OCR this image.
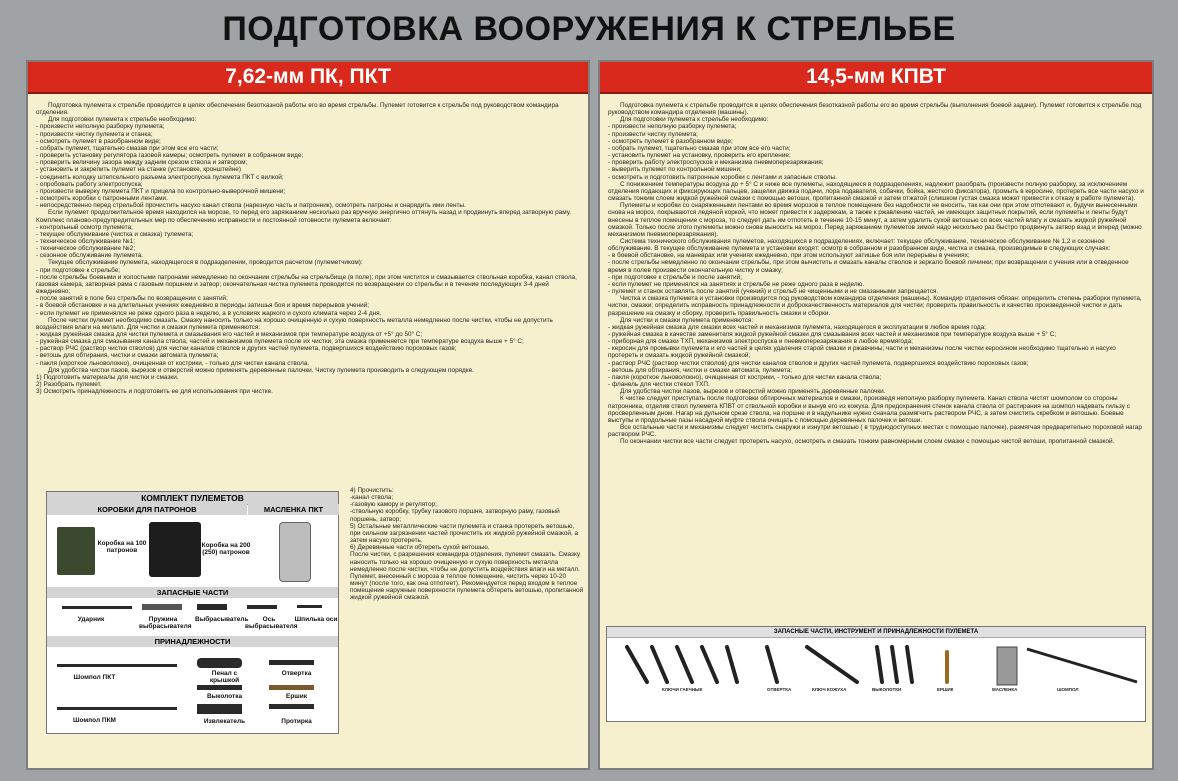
ПОДГОТОВКА ВООРУЖЕНИЯ К СТРЕЛЬБЕ
7,62-мм ПК, ПКТ

Подготовка пулемета к стрельбе проводится в целях обеспечения безотказной работы его во время стрельбы. Пулемет готовится к стрельбе под руководством командира отделения.

Для подготовки пулемета к стрельбе необходимо:

- произвести неполную разборку пулемета;

- произвести чистку пулемета и станка;

- осмотреть пулемет в разобранном виде;

- собрать пулемет, тщательно смазав при этом все его части;

- проверить установку регулятора газовой камеры; осмотреть пулемет в собранном виде;

- проверить величину зазора между задним срезом ствола и затвором;

- установить и закрепить пулемет на станке (установке, кронштейне)

- соединить колодку штепсельного разъема электроспуска пулемета ПКТ с вилкой;

- опробовать работу электроспуска;

- произвести выверку пулемета ПКТ и прицела по контрольно-выверочной мишени;

- осмотреть коробки с патронными лентами.

- непосредственно перед стрельбой прочистить насухо канал ствола (нарезную часть и патронник), осмотреть патроны и снарядить ими ленты.

Если пулемет продолжительное время находился на морозе, то перед его заряжанием несколько раз вручную энергично оттянуть назад и продвинуть вперед затворную раму. Комплекс планово-предупредительных мер по обеспечению исправности и постоянной готовности пулемета включает:

- контрольный осмотр пулемета;

- текущее обслуживание (чистка и смазка) тулемета;

- техническое обслуживание №1;

- техническое обслуживание №2;

- сезонное обслуживание пулемета.

Текущее обслуживание пулемета, находящегося в подразделении, проводится расчетом (пулеметчиком):

- при подготовке к стрельбе;

- после стрельбы боевыми и холостыми патронами немедленно по окончании стрельбы на стрельбище (в поле); при этом чистится и смазывается ствольная коробка, канал ствола, газовая камера, затворная рама с газовым поршнем и затвор; окончательная чистка пулемета проводится по возвращении со стрельбы и в течение последующих 3-4 дней ежедневно;

- после занятий в поле без стрельбы по возвращении с занятий;

- в боевой обстановке и на длительных учениях ежедневно в периоды затишья боя и время перерывов учений;

- если пулемет не применялся не реже одного раза в неделю, а в условиях жаркого и сухого климата через 2-4 дня.

После чистки пулемет необходимо смазать. Смазку наносить только на хорошо очищенную и сухую поверхность металла немедленно после чистки, чтобы не допустить воздействия влаги на металл. Для чистки и смазки пулемета применяются:

- жидкая ружейная смазка для чистки пулемета и смазывания его частей и механизмов при температуре воздуха от +5° до 50° С;

- ружейная смазка для смазывания канала ствола, частей и механизмов пулемета после их чистки; эта смазка применяется при температуре воздуха выше + 5° С;

- раствор РЧС (раствор чистки стволов) для чистки каналов стволов и других частей пулемета, подвергшихся воздействию пороховых газов;

- ветошь для обтирания, чистки и смазки автомата пулемета;

- пакля (короткое льноволокно), очищенная от кострики, - только для чистки канала ствола.

Для удобства чистки пазов, вырезов и отверстий можно применять деревянные палочки. Чистку пулемета производить в следующем порядке.

1) Подготовить материалы для чистки и смазки.

2) Разобрать пулемет.

3) Осмотреть принадлежность и подготовить ее для использования при чистке.

14,5-мм КПВТ

Подготовка пулемета к стрельбе проводится в целях обеспечения безотказной работы его во время стрельбы (выполнения боевой задачи). Пулемет готовится к стрельбе под руководством командира отделения (машины).

Для подготовки пулемета к стрельбе необходимо:

- произвести неполную разборку пулемета;

- произвести чистку пулемета;

- осмотреть пулемет в разобранном виде;

- собрать пулемет, тщательно смазав при этом все его части;

- установить пулемет на установку, проверить его крепление;

- проверить работу электроспусков и механизма пневмоперезаряжания;

- выверить пулемет по контрольной мишени;

- осмотреть и подготовить патронные коробки с лентами и запасные стволы.

С понижением температуры воздуха до + 5° С и ниже все пулеметы, находящиеся в подразделениях, надлежит разобрать (произвести полную разборку, за исключением отделения подающих и фиксирующих пальцев, защелки движка подачи, лора подавателя, собачки, бойка, жесткого фиксатора), промыть в керосине, протереть все части насухо и смазать тонким слоем жидкой ружейной смазки с помощью ветоши, пропитанной смазкой и затем отжатой (слишком густая смазка может привести к отказу в работе пулемета).

Пулеметы и коробки со снаряженными лентами во время морозов в теплое помещение без надобности не вносить, так как они при этом отпотевают и, будучи вынесенными снова на мороз, покрываются ледяной коркой, что может привести к задержкам, а также к ржавлению частей, не имеющих защитных покрытий, если пулеметы и ленты будут внесены в теплое помещение с мороза, то следует дать им отпотеть в течение 10-15 минут, а затем удалить сухой ветошью со всех частей влагу и смазать жидкой ружейной смазкой. Только после этого пулеметы можно снова выносить на мороз. Перед заряжанием пулеметов зимой надо несколько раз быстро продвинуть затвор взад и вперед (можно механизмом пневмоперезаряжания).

Система технического обслуживания пулеметов, находящихся в подразделениях, включает: текущее обслуживание, техническое обслуживание № 1,2 и сезонное обслуживание. В текущее обслуживание пулемета и установки входят: осмотр в собранном и разобранном виде, чистка и смазка, производимые в следующих случаях:

- в боевой обстановке, на маневрах или учениях ежедневно, при этом используют затишье боя или перерывы в учениях;

- после стрельбы немедленно по окончании стрельбы, при этом вычистить и смазать каналы стволов и зеркало боевой личинки; при возвращении с учения или в отведенное время в полев произвести окончательную чистку и смазку;

- при подготовке к стрельбе и после занятий;

- если пулемет не применялся на занятиях и стрельбе не реже одного раза в неделю.

- пулемет и станок оставлять после занятий (учений) и стрельб не чищенными и не смазанными запрещается.

Чистка и смазка пулемета и установки производится под руководством командира отделения (машины). Командир отделения обязан: определить степень разборки пулемета, чистки, смазки; определить исправность принадлежности и доброкачественность материалов для чистки; проверить правильность и качество произведенной чистки и дать разрешение на смазку и сборку, проверить правильность смазки и сборки.

Для чистки и смазки пулемета применяются:

- жидкая ружейная смазка для смазки всех частей и механизмов пулемета, находящегося в эксплуатации в любое время года;

- ружейная смазка в качестве заменителя жидкой ружейной смазки для смазывания всех частей и механизмов при температуре воздуха выше + 5° С;

- приборная для смазки ТХП, механизмов электроспуска и пневмоперезаряжания в любое времягода;

- керосин для промывки пулемета и его частей в целях удаления старой смазки и ржавчины; части и механизмы после чистки керосином необходимо тщательно и насухо протереть и смазать жидкой ружейной смазкой;

- раствор РЧС (раствор чистки стволов) для чистки каналов стволов и других частей пулемета, подвергшихся воздействию пороховых газов;

- ветошь для обтирания, чистки и смазки автомата, пулемета;

- пакля (короткое льноволокно), очищенная от кострики, - только для чистки канала ствола;

- фланель для чистки стекол ТХП.

Для удобства чистки пазов, вырезов и отверстий можно применять деревянные палочки.

К чистке следует приступать после подготовки обтирочных материалов и смазки, произведя неполную разборку пулемета. Канал ствола чистят шомполом со стороны патронника, отделив ствол пулемета КПВТ от ствольной коробки и вынув его из кожуха. Для предохранения стенок канала ствола от растирания на шомпол надевать гильзу с просверленным дном. Нагар на дульном срезе ствола, на поршне и в надульнике нужно сначала размягчить раствором РЧС, а затем счистить скребком и ветошью. Боевые выступы и продольные пазы насадной муфте ствола очищать с помощью деревянных палочек и ветоши.

Все остальные части и механизмы следует чистить снаружи и изнутри ветошью ( в труднодоступных местах с помощью палочек), размягчая предварительно пороховой нагар раствором РЧС.

По окончании чистки все части следует протереть насухо, осмотреть и смазать тонким равномерным слоем смазки с помощью чистой ветоши, пропитанной смазкой.

КОМПЛЕКТ ПУЛЕМЕТОВ
КОРОБКИ ДЛЯ ПАТРОНОВ	МАСЛЕНКА ПКТ
Коробка на 100 патронов
Коробка на 200 (250) патронов
ЗАПАСНЫЕ ЧАСТИ
Ударник	Пружина выбрасывателя
Выбрасыватель	Ось выбрасывателя
Шпилька оси
ПРИНАДЛЕЖНОСТИ
Шомпол ПКТ
Пенал с крышкой
Отвертка
Выколотка	Ершик
Шомпол ПКМ	Извлекатель	Протирка

4) Прочистить:

-канал ствола;

-газовую камору и регулятор;

-ствольную коробку, трубку газового поршня, затворную раму, газовый поршень, затвор;

5) Остальные металлические части пулемета и станка протереть ветошью, при сильном загрязнении частей прочистить их жидкой ружейной смазкой, а затем насухо протереть.

6) Деревянные части обтереть сухой ветошью.

После чистки, с разрешения командира отделения, пулемет смазать. Смазку наносить только на хорошо очищенную и сухую поверхность металла немедленно после чистки, чтобы не допустить воздействия влаги на металл.

Пулемет, внесенный с мороза в теплое помещение, чистить через 10-20 минут (после того, как она отпотеет). Рекомендуется перед входом в теплое помещение наружные поверхности пулемета обтереть ветошью, пропитанной жидкой ружейной смазкой.

ЗАПАСНЫЕ ЧАСТИ, ИНСТРУМЕНТ И ПРИНАДЛЕЖНОСТИ ПУЛЕМЕТА
КЛЮЧИ ГАЕЧНЫЕ	ОТВЕРТКА	КЛЮЧ КОЖУХА	ВЫКОЛОТКИ	ЕРШИК	МАСЛЕНКА	ШОМПОЛ
